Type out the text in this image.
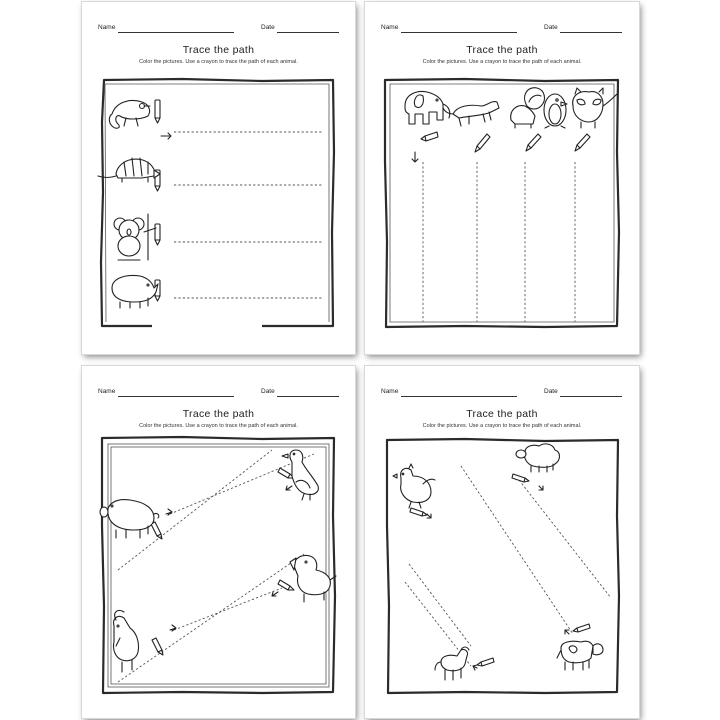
Name	Date
Trace the path
Color the pictures. Use a crayon to trace the path of each animal.
Name	Date
Trace the path
Color the pictures. Use a crayon to trace the path of each animal.
Name	Date
Trace the path
Color the pictures. Use a crayon to trace the path of each animal.
Name	Date
Trace the path
Color the pictures. Use a crayon to trace the path of each animal.
